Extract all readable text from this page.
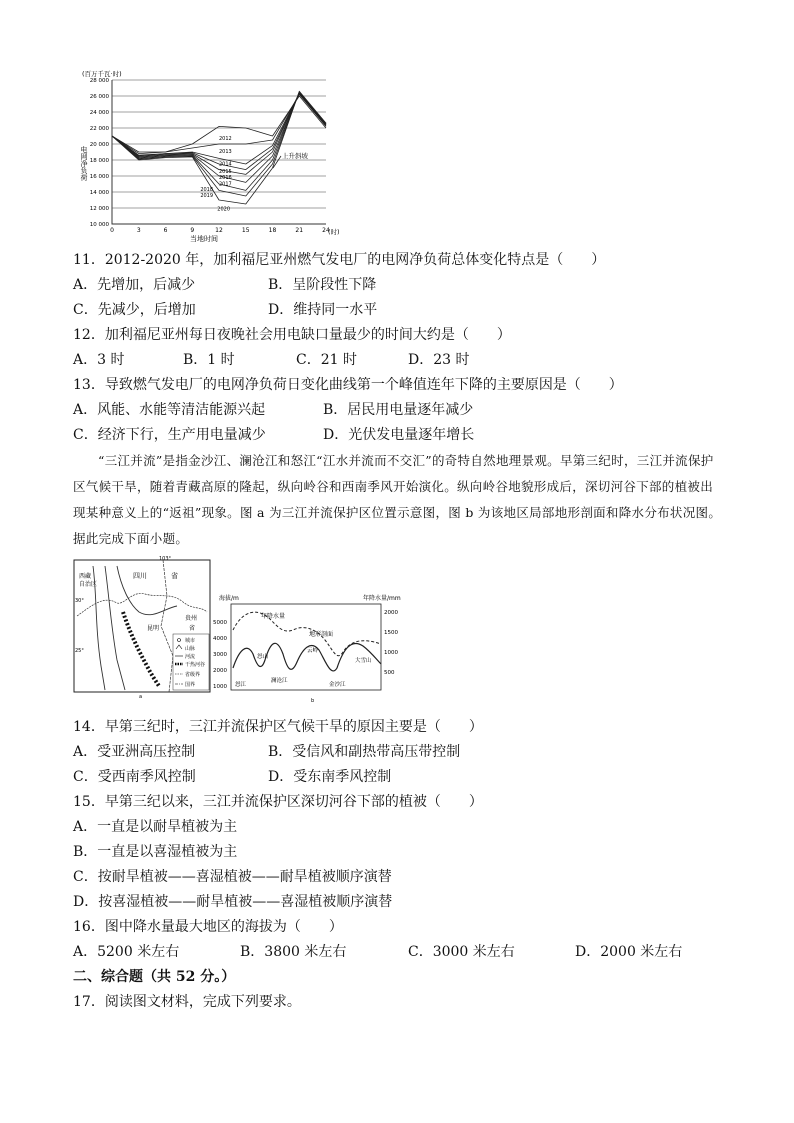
(百万千瓦·时)
电网净负荷
10 000
12 000
14 000
16 000
18 000
20 000
22 000
24 000
26 000
28 000
0	3	6	9	12	15	18	21	24
2012
2013
2014
2015
2016
2017
2018
2019
2020
当地时间
(时)
上升斜坡
11．2012-2020 年，加利福尼亚州燃气发电厂的电网净负荷总体变化特点是（　　）
A．先增加，后减少	B．呈阶段性下降
C．先减少，后增加	D．维持同一水平
12．加利福尼亚州每日夜晚社会用电缺口量最少的时间大约是（　　）
A．3 时	B．1 时	C．21 时	D．23 时
13．导致燃气发电厂的电网净负荷日变化曲线第一个峰值连年下降的主要原因是（　　）
A．风能、水能等清洁能源兴起	B．居民用电量逐年减少
C．经济下行，生产用电量减少	D．光伏发电量逐年增长
“三江并流”是指金沙江、澜沧江和怒江“江水并流而不交汇”的奇特自然地理景观。早第三纪时，三江并流保护区气候干旱，随着青藏高原的隆起，纵向岭谷和西南季风开始演化。纵向岭谷地貌形成后，深切河谷下部的植被出现某种意义上的“返祖”现象。图 a 为三江并流保护区位置示意图，图 b 为该地区局部地形剖面和降水分布状况图。据此完成下面小题。
103°
西藏
自治区
四川	省
贵州
省
昆明
30°
25°
城市
山脉
河流
干热河谷
省级界
国界
a
海拔/m	年降水量/mm
5000
4000
3000
2000
1000
2000
1500
1000
500
年降水量
地形剖面
怒山
云岭
大雪山
怒江
澜沧江
金沙江
b
14．早第三纪时，三江并流保护区气候干旱的原因主要是（　　）
A．受亚洲高压控制	B．受信风和副热带高压带控制
C．受西南季风控制	D．受东南季风控制
15．早第三纪以来，三江并流保护区深切河谷下部的植被（　　）
A．一直是以耐旱植被为主
B．一直是以喜湿植被为主
C．按耐旱植被——喜湿植被——耐旱植被顺序演替
D．按喜湿植被——耐旱植被——喜湿植被顺序演替
16．图中降水量最大地区的海拔为（　　）
A．5200 米左右	B．3800 米左右	C．3000 米左右	D．2000 米左右
二、综合题（共 52 分。）
17．阅读图文材料，完成下列要求。
